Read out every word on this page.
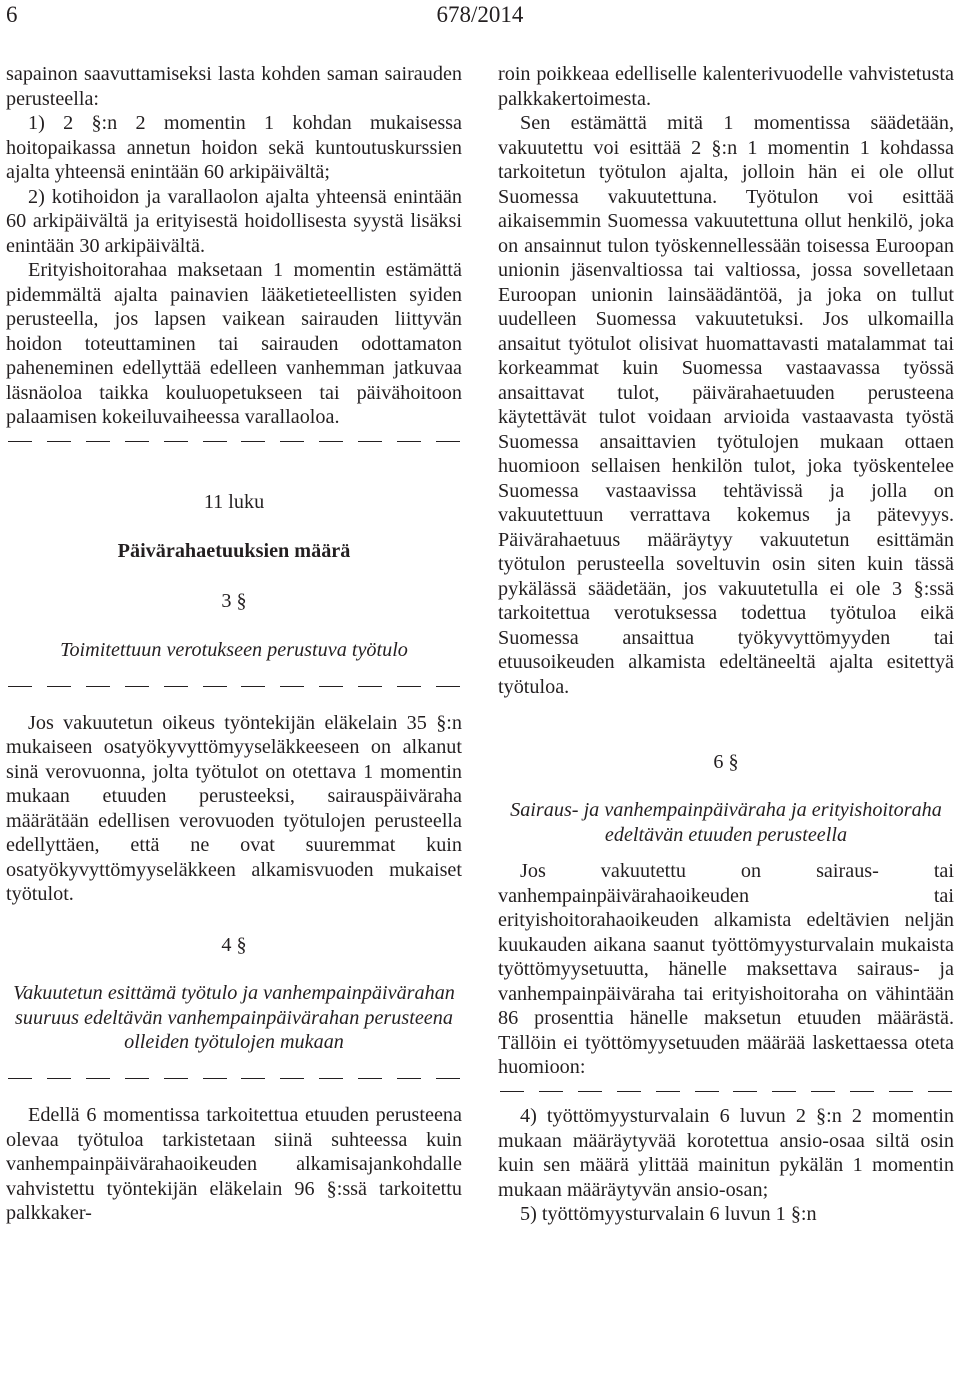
6	678/2014

sapainon saavuttamiseksi lasta kohden saman sairauden perusteella:

1) 2 §:n 2 momentin 1 kohdan mukaisessa hoitopaikassa annetun hoidon sekä kuntoutuskurssien ajalta yhteensä enintään 60 arkipäivältä;

2) kotihoidon ja varallaolon ajalta yhteensä enintään 60 arkipäivältä ja erityisestä hoidollisesta syystä lisäksi enintään 30 arkipäivältä.

Erityishoitorahaa maksetaan 1 momentin estämättä pidemmältä ajalta painavien lääketieteellisten syiden perusteella, jos lapsen vaikean sairauden liittyvän hoidon toteuttaminen tai sairauden odottamaton paheneminen edellyttää edelleen vanhemman jatkuvaa läsnäoloa taikka kouluopetukseen tai päivähoitoon palaamisen kokeiluvaiheessa varallaoloa.

11 luku

Päivärahaetuuksien määrä

3 §

Toimitettuun verotukseen perustuva työtulo

Jos vakuutetun oikeus työntekijän eläkelain 35 §:n mukaiseen osatyökyvyttömyyseläkkeeseen on alkanut sinä verovuonna, jolta työtulot on otettava 1 momentin mukaan etuuden perusteeksi, sairauspäiväraha määrätään edellisen verovuoden työtulojen perusteella edellyttäen, että ne ovat suuremmat kuin osatyökyvyttömyyseläkkeen alkamisvuoden mukaiset työtulot.

4 §

Vakuutetun esittämä työtulo ja vanhempainpäivärahan suuruus edeltävän vanhempainpäivärahan perusteena olleiden työtulojen mukaan

Edellä 6 momentissa tarkoitettua etuuden perusteena olevaa työtuloa tarkistetaan siinä suhteessa kuin vanhempainpäivärahaoikeuden alkamisajankohdalle vahvistettu työntekijän eläkelain 96 §:ssä tarkoitettu palkkaker-

roin poikkeaa edelliselle kalenterivuodelle vahvistetusta palkkakertoimesta.

Sen estämättä mitä 1 momentissa säädetään, vakuutettu voi esittää 2 §:n 1 momentin 1 kohdassa tarkoitetun työtulon ajalta, jolloin hän ei ole ollut Suomessa vakuutettuna. Työtulon voi esittää aikaisemmin Suomessa vakuutettuna ollut henkilö, joka on ansainnut tulon työskennellessään toisessa Euroopan unionin jäsenvaltiossa tai valtiossa, jossa sovelletaan Euroopan unionin lainsäädäntöä, ja joka on tullut uudelleen Suomessa vakuutetuksi. Jos ulkomailla ansaitut työtulot olisivat huomattavasti matalammat tai korkeammat kuin Suomessa vastaavassa työssä ansaittavat tulot, päivärahaetuuden perusteena käytettävät tulot voidaan arvioida vastaavasta työstä Suomessa ansaittavien työtulojen mukaan ottaen huomioon sellaisen henkilön tulot, joka työskentelee Suomessa vastaavissa tehtävissä ja jolla on vakuutettuun verrattava kokemus ja pätevyys. Päivärahaetuus määräytyy vakuutetun esittämän työtulon perusteella soveltuvin osin siten kuin tässä pykälässä säädetään, jos vakuutetulla ei ole 3 §:ssä tarkoitettua verotuksessa todettua työtuloa eikä Suomessa ansaittua työkyvyttömyyden tai etuusoikeuden alkamista edeltäneeltä ajalta esitettyä työtuloa.

6 §

Sairaus- ja vanhempainpäiväraha ja erityishoitoraha edeltävän etuuden perusteella

Jos vakuutettu on sairaus- tai vanhempainpäivärahaoikeuden tai erityishoitorahaoikeuden alkamista edeltävien neljän kuukauden aikana saanut työttömyysturvalain mukaista työttömyysetuutta, hänelle maksettava sairaus- ja vanhempainpäiväraha tai erityishoitoraha on vähintään 86 prosenttia hänelle maksetun etuuden määrästä. Tällöin ei työttömyysetuuden määrää laskettaessa oteta huomioon:

4) työttömyysturvalain 6 luvun 2 §:n 2 momentin mukaan määräytyvää korotettua ansio-osaa siltä osin kuin sen määrä ylittää mainitun pykälän 1 momentin mukaan määräytyvän ansio-osan;

5) työttömyysturvalain 6 luvun 1 §:n
